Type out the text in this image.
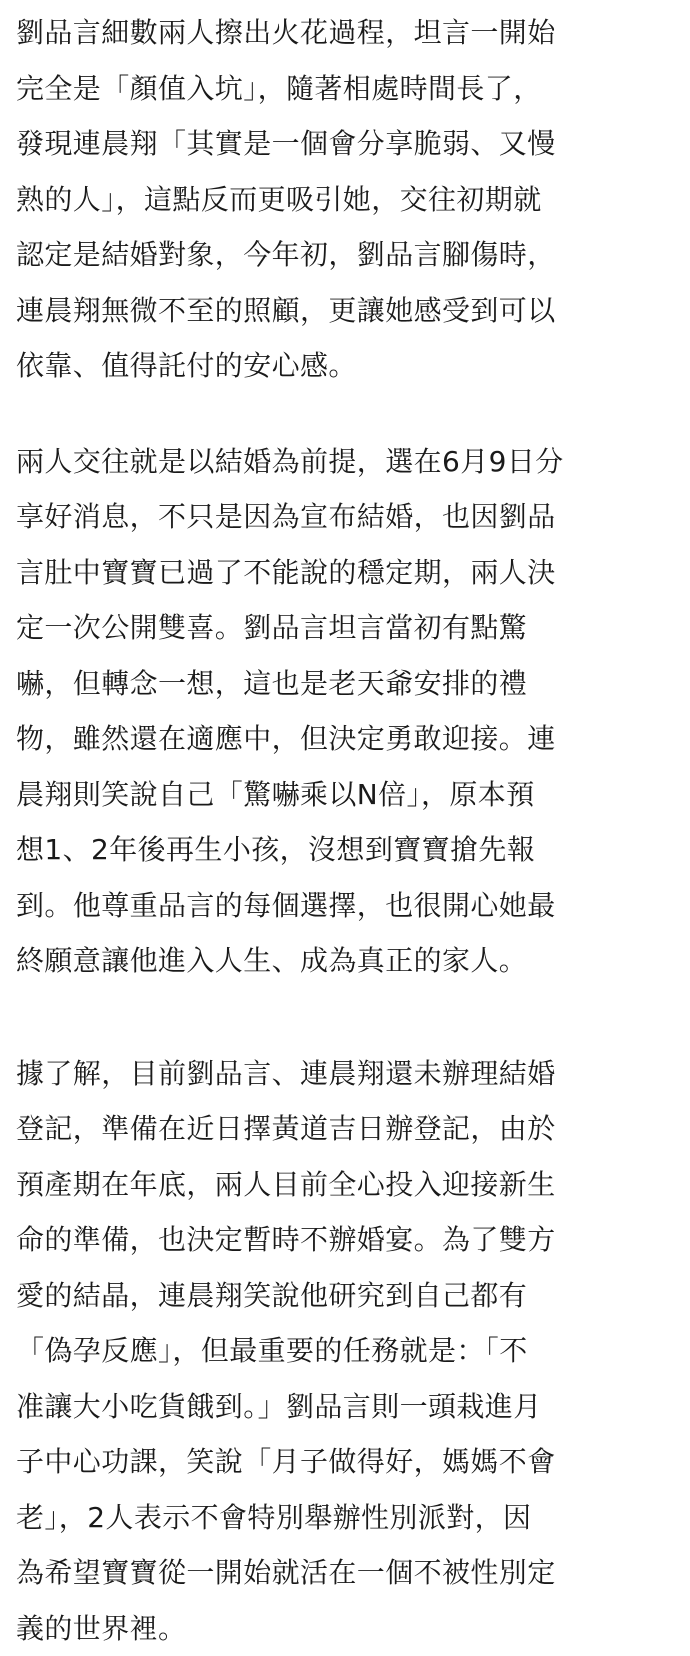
劉品言細數兩人擦出火花過程，坦言一開始
完全是「顏值入坑」，隨著相處時間長了，
發現連晨翔「其實是一個會分享脆弱、又慢
熟的人」，這點反而更吸引她，交往初期就
認定是結婚對象，今年初，劉品言腳傷時，
連晨翔無微不至的照顧，更讓她感受到可以
依靠、值得託付的安心感。
兩人交往就是以結婚為前提，選在6月9日分
享好消息，不只是因為宣布結婚，也因劉品
言肚中寶寶已過了不能說的穩定期，兩人決
定一次公開雙喜。劉品言坦言當初有點驚
嚇，但轉念一想，這也是老天爺安排的禮
物，雖然還在適應中，但決定勇敢迎接。連
晨翔則笑說自己「驚嚇乘以N倍」，原本預
想1、2年後再生小孩，沒想到寶寶搶先報
到。他尊重品言的每個選擇，也很開心她最
終願意讓他進入人生、成為真正的家人。
據了解，目前劉品言、連晨翔還未辦理結婚
登記，準備在近日擇黃道吉日辦登記，由於
預產期在年底，兩人目前全心投入迎接新生
命的準備，也決定暫時不辦婚宴。為了雙方
愛的結晶，連晨翔笑說他研究到自己都有
「偽孕反應」，但最重要的任務就是：「不
准讓大小吃貨餓到。」劉品言則一頭栽進月
子中心功課，笑說「月子做得好，媽媽不會
老」，2人表示不會特別舉辦性別派對，因
為希望寶寶從一開始就活在一個不被性別定
義的世界裡。
